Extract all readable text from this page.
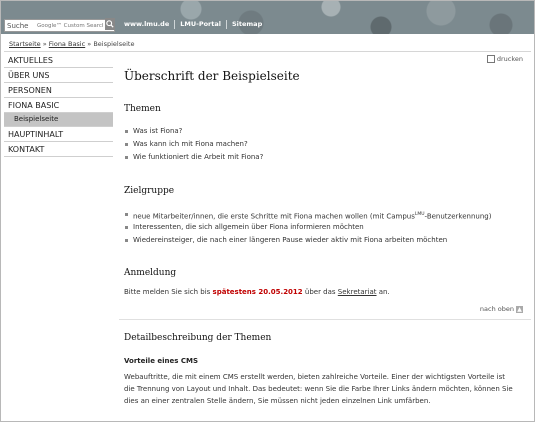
Suche
Google™ Custom Search	www.lmu.de	LMU-Portal	Sitemap
Startseite » Fiona Basic » Beispielseite
AKTUELLES
ÜBER UNS
PERSONEN
FIONA BASIC
Beispielseite
HAUPTINHALT
KONTAKT
drucken
Überschrift der Beispielseite
Themen
Was ist Fiona?
Was kann ich mit Fiona machen?
Wie funktioniert die Arbeit mit Fiona?
Zielgruppe
neue Mitarbeiter/innen, die erste Schritte mit Fiona machen wollen (mit Campus$^{LMU}$-Benutzerkennung)
Interessenten, die sich allgemein über Fiona informieren möchten
Wiedereinsteiger, die nach einer längeren Pause wieder aktiv mit Fiona arbeiten möchten
Anmeldung
Bitte melden Sie sich bis spätestens 20.05.2012 über das Sekretariat an.
Detailbeschreibung der Themen
Vorteile eines CMS
Webauftritte, die mit einem CMS erstellt werden, bieten zahlreiche Vorteile. Einer der wichtigsten Vorteile ist die Trennung von Layout und Inhalt. Das bedeutet: wenn Sie die Farbe Ihrer Links ändern möchten, können Sie dies an einer zentralen Stelle ändern, Sie müssen nicht jeden einzelnen Link umfärben.
nach oben ▲
